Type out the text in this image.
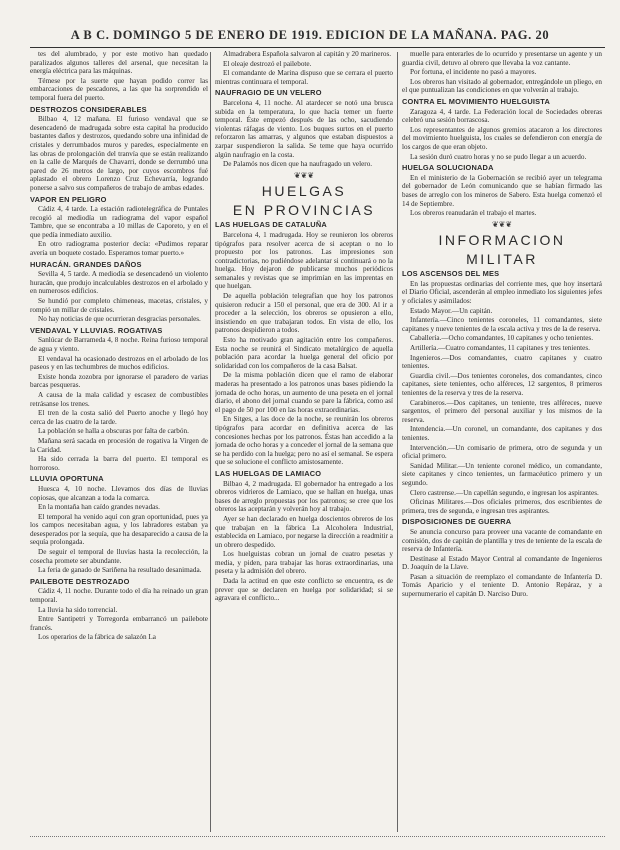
A B C. DOMINGO 5 DE ENERO DE 1919. EDICION DE LA MAÑANA. PAG. 20

tes del alumbrado, y por este motivo han quedado paralizados algunos talleres del arsenal, que necesitan la energía eléctrica para las máquinas.

Témese por la suerte que hayan podido correr las embarcaciones de pescadores, a las que ha sorprendido el temporal fuera del puerto.

DESTROZOS CONSIDERABLES

Bilbao 4, 12 mañana. El furioso vendaval que se desencadenó de madrugada sobre esta capital ha producido bastantes daños y destrozos, quedando sobre una infinidad de cristales y derrumbados muros y paredes, especialmente en las obras de prolongación del tranvía que se están realizando en la calle de Marqués de Chavarri, donde se derrumbó una pared de 26 metros de largo, por cuyos escombros fué aplastado el obrero Lorenzo Cruz Echevarría, logrando ponerse a salvo sus compañeros de trabajo de ambas edades.

VAPOR EN PELIGRO

Cádiz 4, 4 tarde. La estación radiotelegráfica de Puntales recogió al mediodía un radiograma del vapor español Tambre, que se encontraba a 10 millas de Caporeto, y en el que pedía inmediato auxilio.

En otro radiograma posterior decía: «Pudimos reparar avería un boquete costado. Esperamos tomar puerto.»

HURACÁN. GRANDES DAÑOS

Sevilla 4, 5 tarde. A mediodía se desencadenó un violento huracán, que produjo incalculables destrozos en el arbolado y en numerosos edificios.

Se hundió por completo chimeneas, macetas, cristales, y rompió un millar de cristales.

No hay noticias de que ocurrieran desgracias personales.

VENDAVAL Y LLUVIAS. ROGATIVAS

Sanlúcar de Barrameda 4, 8 noche. Reina furioso temporal de agua y viento.

El vendaval ha ocasionado destrozos en el arbolado de los paseos y en las techumbres de muchos edificios.

Existe honda zozobra por ignorarse el paradero de varias barcas pesqueras.

A causa de la mala calidad y escasez de combustibles retrásanse los trenes.

El tren de la costa salió del Puerto anoche y llegó hoy cerca de las cuatro de la tarde.

La población se halla a obscuras por falta de carbón.

Mañana será sacada en procesión de rogativa la Virgen de la Caridad.

Ha sido cerrada la barra del puerto. El temporal es horroroso.

LLUVIA OPORTUNA

Huesca 4, 10 noche. Llevamos dos días de lluvias copiosas, que alcanzan a toda la comarca.

En la montaña han caído grandes nevadas.

El temporal ha venido aquí con gran oportunidad, pues ya los campos necesitaban agua, y los labradores estaban ya desesperados por la sequía, que ha desaparecido a causa de la sequía prolongada.

De seguir el temporal de lluvias hasta la recolección, la cosecha promete ser abundante.

La feria de ganado de Sariñena ha resultado desanimada.

PAILEBOTE DESTROZADO

Cádiz 4, 11 noche. Durante todo el día ha reinado un gran temporal.

La lluvia ha sido torrencial.

Entre Santipetri y Torregorda embarrancó un pailebote francés.

Los operarios de la fábrica de salazón La

Almadrabera Española salvaron al capitán y 20 marineros.

El oleaje destrozó el pailebote.

El comandante de Marina dispuso que se cerrara el puerto mientras continuara el temporal.

NAUFRAGIO DE UN VELERO

Barcelona 4, 11 noche. Al atardecer se notó una brusca subida en la temperatura, lo que hacía temer un fuerte temporal. Éste empezó después de las ocho, sacudiendo violentas ráfagas de viento. Los buques surtos en el puerto reforzaron las amarras, y algunos que estaban dispuestos a zarpar suspendieron la salida. Se teme que haya ocurrido algún naufragio en la costa.

De Palamós nos dicen que ha naufragado un velero.

❦❦❦
HUELGAS
EN PROVINCIAS
LAS HUELGAS DE CATALUÑA

Barcelona 4, 1 madrugada. Hoy se reunieron los obreros tipógrafos para resolver acerca de si aceptan o no lo propuesto por los patronos. Las impresiones son contradictorias, no pudiéndose adelantar si continuará o no la huelga. Hoy dejaron de publicarse muchos periódicos semanales y revistas que se imprimían en las imprentas en que huelgan.

De aquella población telegrafían que hoy los patronos quisieron reducir a 150 el personal, que era de 300. Al ir a proceder a la selección, los obreros se opusieron a ello, insistiendo en que trabajaran todos. En vista de ello, los patronos despidieron a todos.

Esto ha motivado gran agitación entre los compañeros. Esta noche se reunirá el Sindicato metalúrgico de aquella población para acordar la huelga general del oficio por solidaridad con los compañeros de la casa Balsat.

De la misma población dicen que el ramo de elaborar maderas ha presentado a los patronos unas bases pidiendo la jornada de ocho horas, un aumento de una peseta en el jornal diario, el abono del jornal cuando se pare la fábrica, como así el pago de 50 por 100 en las horas extraordinarias.

En Sitges, a las doce de la noche, se reunirán los obreros tipógrafos para acordar en definitiva acerca de las concesiones hechas por los patronos. Éstas han accedido a la jornada de ocho horas y a conceder el jornal de la semana que se ha perdido con la huelga; pero no así el semanal. Se espera que se solucione el conflicto amistosamente.

LAS HUELGAS DE LAMIACO

Bilbao 4, 2 madrugada. El gobernador ha entregado a los obreros vidrieros de Lamiaco, que se hallan en huelga, unas bases de arreglo propuestas por los patronos; se cree que los obreros las aceptarán y volverán hoy al trabajo.

Ayer se han declarado en huelga doscientos obreros de los que trabajan en la fábrica La Alcoholera Industrial, establecida en Lamiaco, por negarse la dirección a readmitir a un obrero despedido.

Los huelguistas cobran un jornal de cuatro pesetas y media, y piden, para trabajar las horas extraordinarias, una peseta y la admisión del obrero.

Dada la actitud en que este conflicto se encuentra, es de prever que se declaren en huelga por solidaridad; si se agravara el conflicto...

muelle para enterarles de lo ocurrido y presentarse un agente y un guardia civil, detuvo al obrero que llevaba la voz cantante.

Por fortuna, el incidente no pasó a mayores.

Los obreros han visitado al gobernador, entregándole un pliego, en el que puntualizan las condiciones en que volverán al trabajo.

CONTRA EL MOVIMIENTO HUELGUISTA

Zaragoza 4, 4 tarde. La Federación local de Sociedades obreras celebró una sesión borrascosa.

Los representantes de algunos gremios atacaron a los directores del movimiento huelguista, los cuales se defendieron con energía de los cargos de que eran objeto.

La sesión duró cuatro horas y no se pudo llegar a un acuerdo.

HUELGA SOLUCIONADA

En el ministerio de la Gobernación se recibió ayer un telegrama del gobernador de León comunicando que se habían firmado las bases de arreglo con los mineros de Sabero. Esta huelga comenzó el 14 de Septiembre.

Los obreros reanudarán el trabajo el martes.

❦❦❦
INFORMACION
MILITAR
LOS ASCENSOS DEL MES

En las propuestas ordinarias del corriente mes, que hoy insertará el Diario Oficial, ascenderán al empleo inmediato los siguientes jefes y oficiales y asimilados:

Estado Mayor.—Un capitán.

Infantería.—Cinco tenientes coroneles, 11 comandantes, siete capitanes y nueve tenientes de la escala activa y tres de la de reserva.

Caballería.—Ocho comandantes, 10 capitanes y ocho tenientes.

Artillería.—Cuatro comandantes, 11 capitanes y tres tenientes.

Ingenieros.—Dos comandantes, cuatro capitanes y cuatro tenientes.

Guardia civil.—Dos tenientes coroneles, dos comandantes, cinco capitanes, siete tenientes, ocho alféreces, 12 sargentos, 8 primeros tenientes de la reserva y tres de la reserva.

Carabineros.—Dos capitanes, un teniente, tres alféreces, nueve sargentos, el primero del personal auxiliar y los mismos de la reserva.

Intendencia.—Un coronel, un comandante, dos capitanes y dos tenientes.

Intervención.—Un comisario de primera, otro de segunda y un oficial primero.

Sanidad Militar.—Un teniente coronel médico, un comandante, siete capitanes y cinco tenientes, un farmacéutico primero y un segundo.

Clero castrense.—Un capellán segundo, e ingresan los aspirantes.

Oficinas Militares.—Dos oficiales primeros, dos escribientes de primera, tres de segunda, e ingresan tres aspirantes.

DISPOSICIONES DE GUERRA

Se anuncia concurso para proveer una vacante de comandante en comisión, dos de capitán de plantilla y tres de teniente de la escala de reserva de Infantería.

Destínase al Estado Mayor Central al comandante de Ingenieros D. Joaquín de la Llave.

Pasan a situación de reemplazo el comandante de Infantería D. Tomás Aparicio y el teniente D. Antonio Repáraz, y a supernumerario el capitán D. Narciso Duro.
